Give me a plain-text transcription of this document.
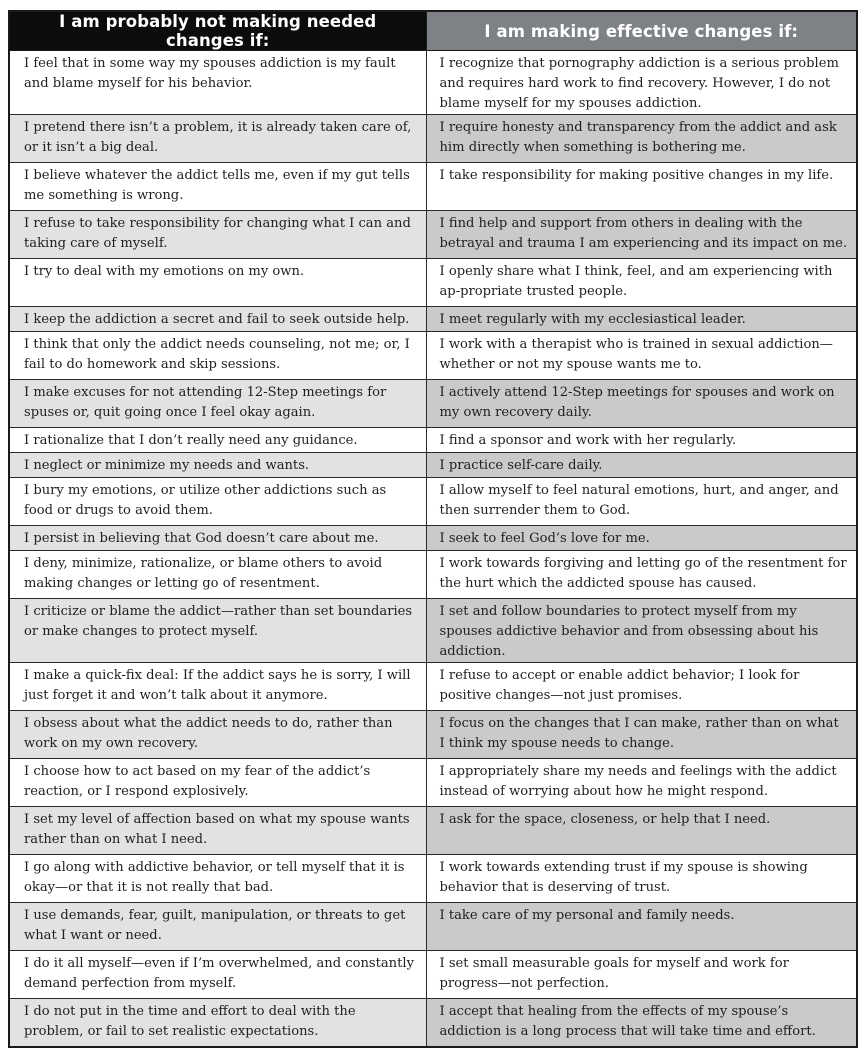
I am probably not making needed changes if:	I am making effective changes if:
I feel that in some way my spouses addiction is my fault and blame myself for his behavior.	I recognize that pornography addiction is a serious problem and requires hard work to find recovery. However, I do not blame myself for my spouses addiction.
I pretend there isn’t a problem, it is already taken care of, or it isn’t a big deal.	I require honesty and transparency from the addict and ask him directly when something is bothering me.
I believe whatever the addict tells me, even if my gut tells me something is wrong.	I take responsibility for making positive changes in my life.
I refuse to take responsibility for changing what I can and taking care of myself.	I find help and support from others in dealing with the betrayal and trauma I am experiencing and its impact on me.
I try to deal with my emotions on my own.	I openly share what I think, feel, and am experiencing with ap-propriate trusted people.
I keep the addiction a secret and fail to seek outside help.	I meet regularly with my ecclesiastical leader.
I think that only the addict needs counseling, not me; or, I fail to do homework and skip sessions.	I work with a therapist who is trained in sexual addiction—whether or not my spouse wants me to.
I make excuses for not attending 12-Step meetings for spuses or, quit going once I feel okay again.	I actively attend 12-Step meetings for spouses and work on my own recovery daily.
I rationalize that I don’t really need any guidance.	I find a sponsor and work with her regularly.
I neglect or minimize my needs and wants.	I practice self-care daily.
I bury my emotions, or utilize other addictions such as food or drugs to avoid them.	I allow myself to feel natural emotions, hurt, and anger, and then surrender them to God.
I persist in believing that God doesn’t care about me.	I seek to feel God’s love for me.
I deny, minimize, rationalize, or blame others to avoid making changes or letting go of resentment.	I work towards forgiving and letting go of the resentment for the hurt which the addicted spouse has caused.
I criticize or blame the addict—rather than set boundaries or make changes to protect myself.	I set and follow boundaries to protect myself from my spouses addictive behavior and from obsessing about his addiction.
I make a quick-fix deal: If the addict says he is sorry, I will just forget it and won’t talk about it anymore.	I refuse to accept or enable addict behavior; I look for positive changes—not just promises.
I obsess about what the addict needs to do, rather than work on my own recovery.	I focus on the changes that I can make, rather than on what I think my spouse needs to change.
I choose how to act based on my fear of the addict’s reaction, or I respond explosively.	I appropriately share my needs and feelings with the addict instead of worrying about how he might respond.
I set my level of affection based on what my spouse wants rather than on what I need.	I ask for the space, closeness, or help that I need.
I go along with addictive behavior, or tell myself that it is okay—or that it is not really that bad.	I work towards extending trust if my spouse is showing behavior that is deserving of trust.
I use demands, fear, guilt, manipulation, or threats to get what I want or need.	I take care of my personal and family needs.
I do it all myself—even if I’m overwhelmed, and constantly demand perfection from myself.	I set small measurable goals for myself and work for progress—not perfection.
I do not put in the time and effort to deal with the problem, or fail to set realistic expectations.	I accept that healing from the effects of my spouse’s addiction is a long process that will take time and effort.
